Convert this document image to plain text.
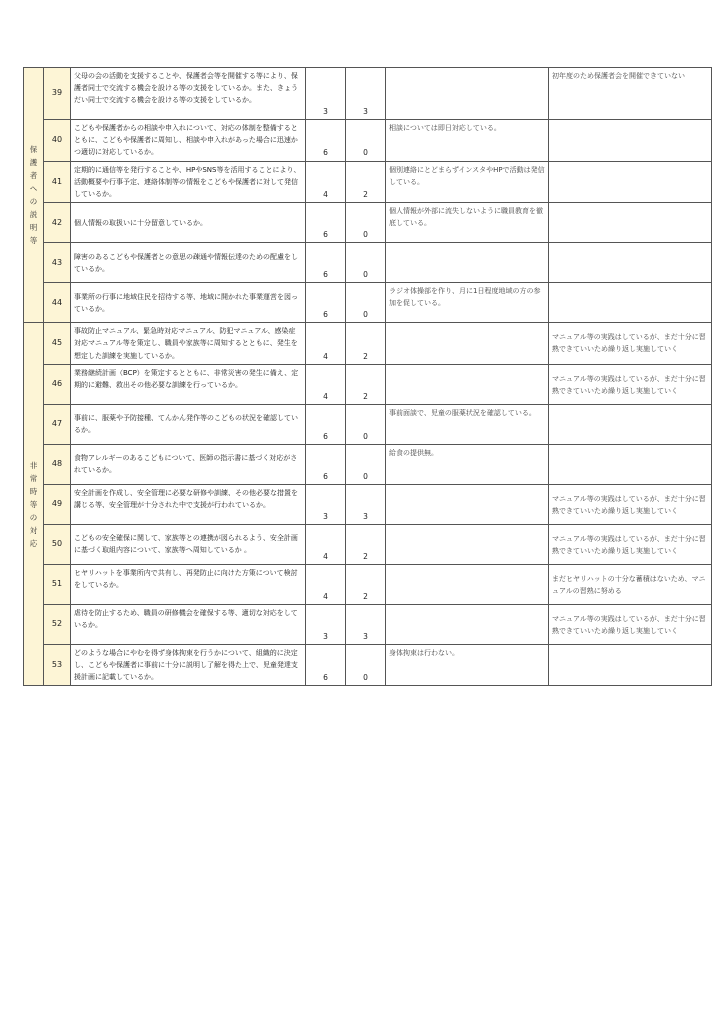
保護者への説明等	39	父母の会の活動を支援することや、保護者会等を開催する等により、保護者同士で交流する機会を設ける等の支援をしているか。また、きょうだい同士で交流する機会を設ける等の支援をしているか。	3	3		初年度のため保護者会を開催できていない
	40	こどもや保護者からの相談や申入れについて、対応の体制を整備するとともに、こどもや保護者に周知し、相談や申入れがあった場合に迅速かつ適切に対応しているか。	6	0	相談については即日対応している。	
	41	定期的に通信等を発行することや、HPやSNS等を活用することにより、活動概要や行事予定、連絡体制等の情報をこどもや保護者に対して発信しているか。	4	2	個別連絡にとどまらずインスタやHPで活動は発信している。	
	42	個人情報の取扱いに十分留意しているか。	6	0	個人情報が外部に流失しないように職員教育を徹底している。	
	43	障害のあるこどもや保護者との意思の疎通や情報伝達のための配慮をしているか。	6	0		
	44	事業所の行事に地域住民を招待する等、地域に開かれた事業運営を図っているか。	6	0	ラジオ体操部を作り、月に1日程度地域の方の参加を促している。	
非常時等の対応	45	事故防止マニュアル、緊急時対応マニュアル、防犯マニュアル、感染症対応マニュアル等を策定し、職員や家族等に周知するとともに、発生を想定した訓練を実施しているか。	4	2		マニュアル等の実践はしているが、まだ十分に習熟できていいため繰り返し実施していく
	46	業務継続計画（BCP）を策定するとともに、非常災害の発生に備え、定期的に避難、救出その他必要な訓練を行っているか。	4	2		マニュアル等の実践はしているが、まだ十分に習熟できていいため繰り返し実施していく
	47	事前に、服薬や予防接種、てんかん発作等のこどもの状況を確認しているか。	6	0	事前面談で、児童の服薬状況を確認している。	
	48	食物アレルギーのあるこどもについて、医師の指示書に基づく対応がされているか。	6	0	給食の提供無。	
	49	安全計画を作成し、安全管理に必要な研修や訓練、その他必要な措置を講じる等、安全管理が十分された中で支援が行われているか。	3	3		マニュアル等の実践はしているが、まだ十分に習熟できていいため繰り返し実施していく
	50	こどもの安全確保に関して、家族等との連携が図られるよう、安全計画に基づく取組内容について、家族等へ周知しているか 。	4	2		マニュアル等の実践はしているが、まだ十分に習熟できていいため繰り返し実施していく
	51	ヒヤリハットを事業所内で共有し、再発防止に向けた方策について検討をしているか。	4	2		まだヒヤリハットの十分な蓄積はないため、マニュアルの習熟に努める
	52	虐待を防止するため、職員の研修機会を確保する等、適切な対応をしているか。	3	3		マニュアル等の実践はしているが、まだ十分に習熟できていいため繰り返し実施していく
	53	どのような場合にやむを得ず身体拘束を行うかについて、組織的に決定し、こどもや保護者に事前に十分に説明し了解を得た上で、児童発達支援計画に記載しているか。	6	0	身体拘束は行わない。	
